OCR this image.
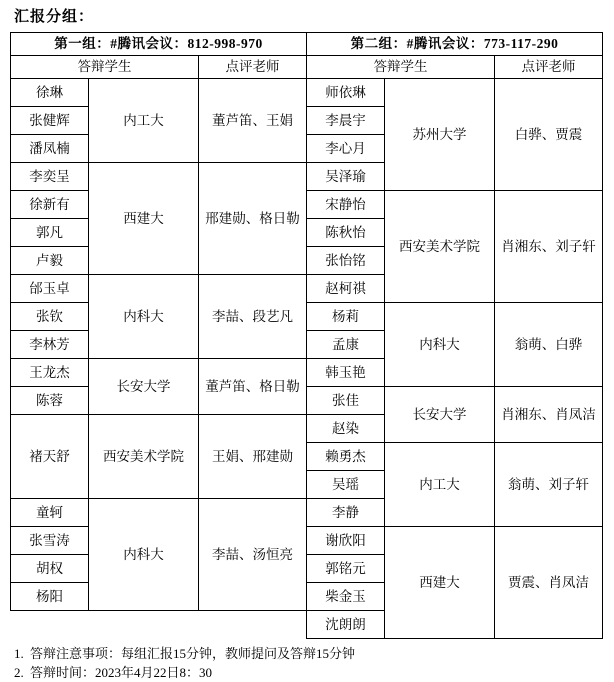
汇报分组：
第一组：#腾讯会议：812-998-970			第二组：#腾讯会议：773-117-290		
答辩学生		点评老师	答辩学生		点评老师
徐琳	内工大	董芦笛、王娟	师依琳	苏州大学	白骅、贾震
张健辉			李晨宇		
潘凤楠			李心月		
李奕呈	西建大	邢建勋、格日勒	吴泽瑜		
徐新有			宋静怡	西安美术学院	肖湘东、刘子轩
郭凡			陈秋怡		
卢毅			张怡铭		
邰玉卓	内科大	李喆、段艺凡	赵柯祺		
张钦			杨莉	内科大	翁萌、白骅
李林芳			孟康		
王龙杰	长安大学	董芦笛、格日勒	韩玉艳		
陈蓉			张佳	长安大学	肖湘东、肖凤洁
褚天舒	西安美术学院	王娟、邢建勋	赵染		
			赖勇杰	内工大	翁萌、刘子轩
			吴瑶		
童轲	内科大	李喆、汤恒亮	李静		
张雪涛			谢欣阳	西建大	贾震、肖凤洁
胡权			郭铭元		
杨阳			柴金玉		
			沈朗朗		
1. 答辩注意事项：每组汇报15分钟，教师提问及答辩15分钟
2. 答辩时间：2023年4月22日8：30
